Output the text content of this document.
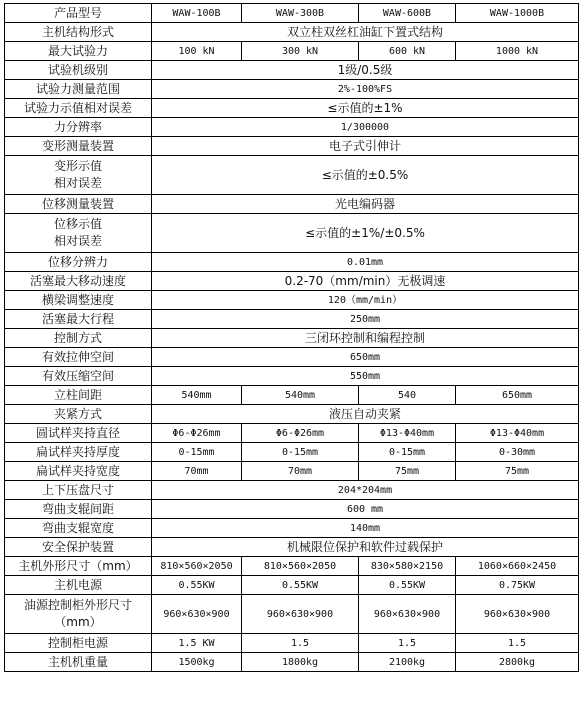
产品型号	WAW-100B	WAW-300B	WAW-600B	WAW-1000B
主机结构形式	双立柱双丝杠油缸下置式结构			
最大试验力	100 kN	300 kN	600 kN	1000 kN
试验机级别	1级/0.5级			
试验力测量范围	2%-100%FS			
试验力示值相对误差	≤示值的±1%			
力分辨率	1/300000			
变形测量装置	电子式引伸计			
变形示值
相对误差	≤示值的±0.5%			
位移测量装置	光电编码器			
位移示值
相对误差	≤示值的±1%/±0.5%			
位移分辨力	0.01mm			
活塞最大移动速度	0.2-70（mm/min）无极调速			
横梁调整速度	120（mm/min）			
活塞最大行程	250mm			
控制方式	三闭环控制和编程控制			
有效拉伸空间	650mm			
有效压缩空间	550mm			
立柱间距	540mm	540mm	540	650mm
夹紧方式	液压自动夹紧			
圆试样夹持直径	Φ6-Φ26mm	Φ6-Φ26mm	Φ13-Φ40mm	Φ13-Φ40mm
扁试样夹持厚度	0-15mm	0-15mm	0-15mm	0-30mm
扁试样夹持宽度	70mm	70mm	75mm	75mm
上下压盘尺寸	204*204mm			
弯曲支辊间距	600 mm			
弯曲支辊宽度	140mm			
安全保护装置	机械限位保护和软件过载保护			
主机外形尺寸（mm）	810×560×2050	810×560×2050	830×580×2150	1060×660×2450
主机电源	0.55KW	0.55KW	0.55KW	0.75KW
油源控制柜外形尺寸
（mm）	960×630×900	960×630×900	960×630×900	960×630×900
控制柜电源	1.5 KW	1.5	1.5	1.5
主机机重量	1500kg	1800kg	2100kg	2800kg
